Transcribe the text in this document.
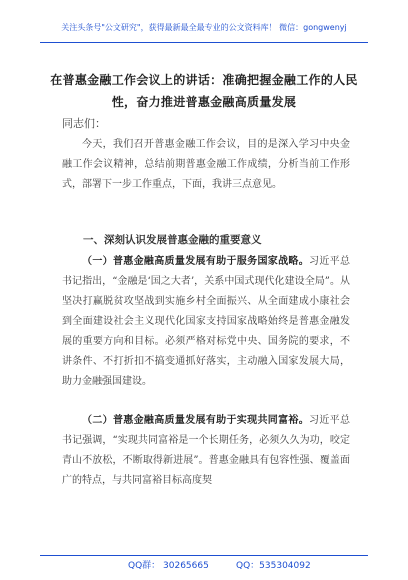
关注头条号"公文研究"，获得最新最全最专业的公文资料库！ 微信：gongwenyj
在普惠金融工作会议上的讲话：准确把握金融工作的人民性，奋力推进普惠金融高质量发展
同志们：

今天，我们召开普惠金融工作会议，目的是深入学习中央金融工作会议精神，总结前期普惠金融工作成绩，分析当前工作形式，部署下一步工作重点，下面，我讲三点意见。

一、深刻认识发展普惠金融的重要意义

（一）普惠金融高质量发展有助于服务国家战略。习近平总书记指出，“金融是‘国之大者’，关系中国式现代化建设全局”。从坚决打赢脱贫攻坚战到实施乡村全面振兴、从全面建成小康社会到全面建设社会主义现代化国家支持国家战略始终是普惠金融发展的重要方向和目标。必须严格对标党中央、国务院的要求，不讲条件、不打折扣不搞变通抓好落实，主动融入国家发展大局，助力金融强国建设。

（二）普惠金融高质量发展有助于实现共同富裕。习近平总书记强调，“实现共同富裕是一个长期任务，必须久久为功，咬定青山不放松，不断取得新进展”。普惠金融具有包容性强、覆盖面广的特点，与共同富裕目标高度契

QQ群： 30265665	QQ：535304092
